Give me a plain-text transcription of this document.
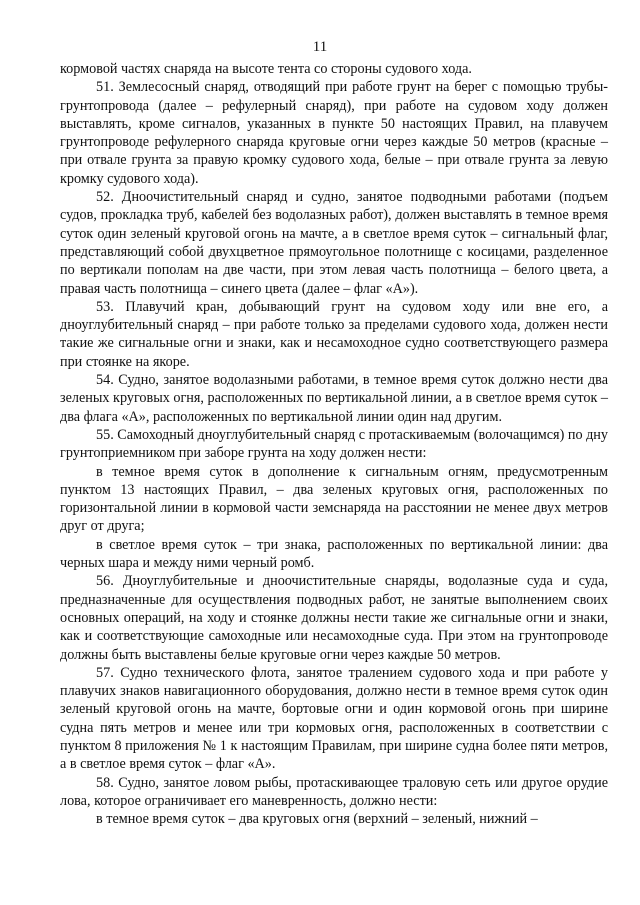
11

кормовой частях снаряда на высоте тента со стороны судового хода.

51. Землесосный снаряд, отводящий при работе грунт на берег с помощью трубы-грунтопровода (далее – рефулерный снаряд), при работе на судовом ходу должен выставлять, кроме сигналов, указанных в пункте 50 настоящих Правил, на плавучем грунтопроводе рефулерного снаряда круговые огни через каждые 50 метров (красные – при отвале грунта за правую кромку судового хода, белые – при отвале грунта за левую кромку судового хода).

52. Дноочистительный снаряд и судно, занятое подводными работами (подъем судов, прокладка труб, кабелей без водолазных работ), должен выставлять в темное время суток один зеленый круговой огонь на мачте, а в светлое время суток – сигнальный флаг, представляющий собой двухцветное прямоугольное полотнище с косицами, разделенное по вертикали пополам на две части, при этом левая часть полотнища – белого цвета, а правая часть полотнища – синего цвета (далее – флаг «А»).

53. Плавучий кран, добывающий грунт на судовом ходу или вне его, а дноуглубительный снаряд – при работе только за пределами судового хода, должен нести такие же сигнальные огни и знаки, как и несамоходное судно соответствующего размера при стоянке на якоре.

54. Судно, занятое водолазными работами, в темное время суток должно нести два зеленых круговых огня, расположенных по вертикальной линии, а в светлое время суток – два флага «А», расположенных по вертикальной линии один над другим.

55. Самоходный дноуглубительный снаряд с протаскиваемым (волочащимся) по дну грунтоприемником при заборе грунта на ходу должен нести:

в темное время суток в дополнение к сигнальным огням, предусмотренным пунктом 13 настоящих Правил, – два зеленых круговых огня, расположенных по горизонтальной линии в кормовой части земснаряда на расстоянии не менее двух метров друг от друга;

в светлое время суток – три знака, расположенных по вертикальной линии: два черных шара и между ними черный ромб.

56. Дноуглубительные и дноочистительные снаряды, водолазные суда и суда, предназначенные для осуществления подводных работ, не занятые выполнением своих основных операций, на ходу и стоянке должны нести такие же сигнальные огни и знаки, как и соответствующие самоходные или несамоходные суда. При этом на грунтопроводе должны быть выставлены белые круговые огни через каждые 50 метров.

57. Судно технического флота, занятое тралением судового хода и при работе у плавучих знаков навигационного оборудования, должно нести в темное время суток один зеленый круговой огонь на мачте, бортовые огни и один кормовой огонь при ширине судна пять метров и менее или три кормовых огня, расположенных в соответствии с пунктом 8 приложения № 1 к настоящим Правилам, при ширине судна более пяти метров, а в светлое время суток – флаг «А».

58. Судно, занятое ловом рыбы, протаскивающее траловую сеть или другое орудие лова, которое ограничивает его маневренность, должно нести:

в темное время суток – два круговых огня (верхний – зеленый, нижний –
